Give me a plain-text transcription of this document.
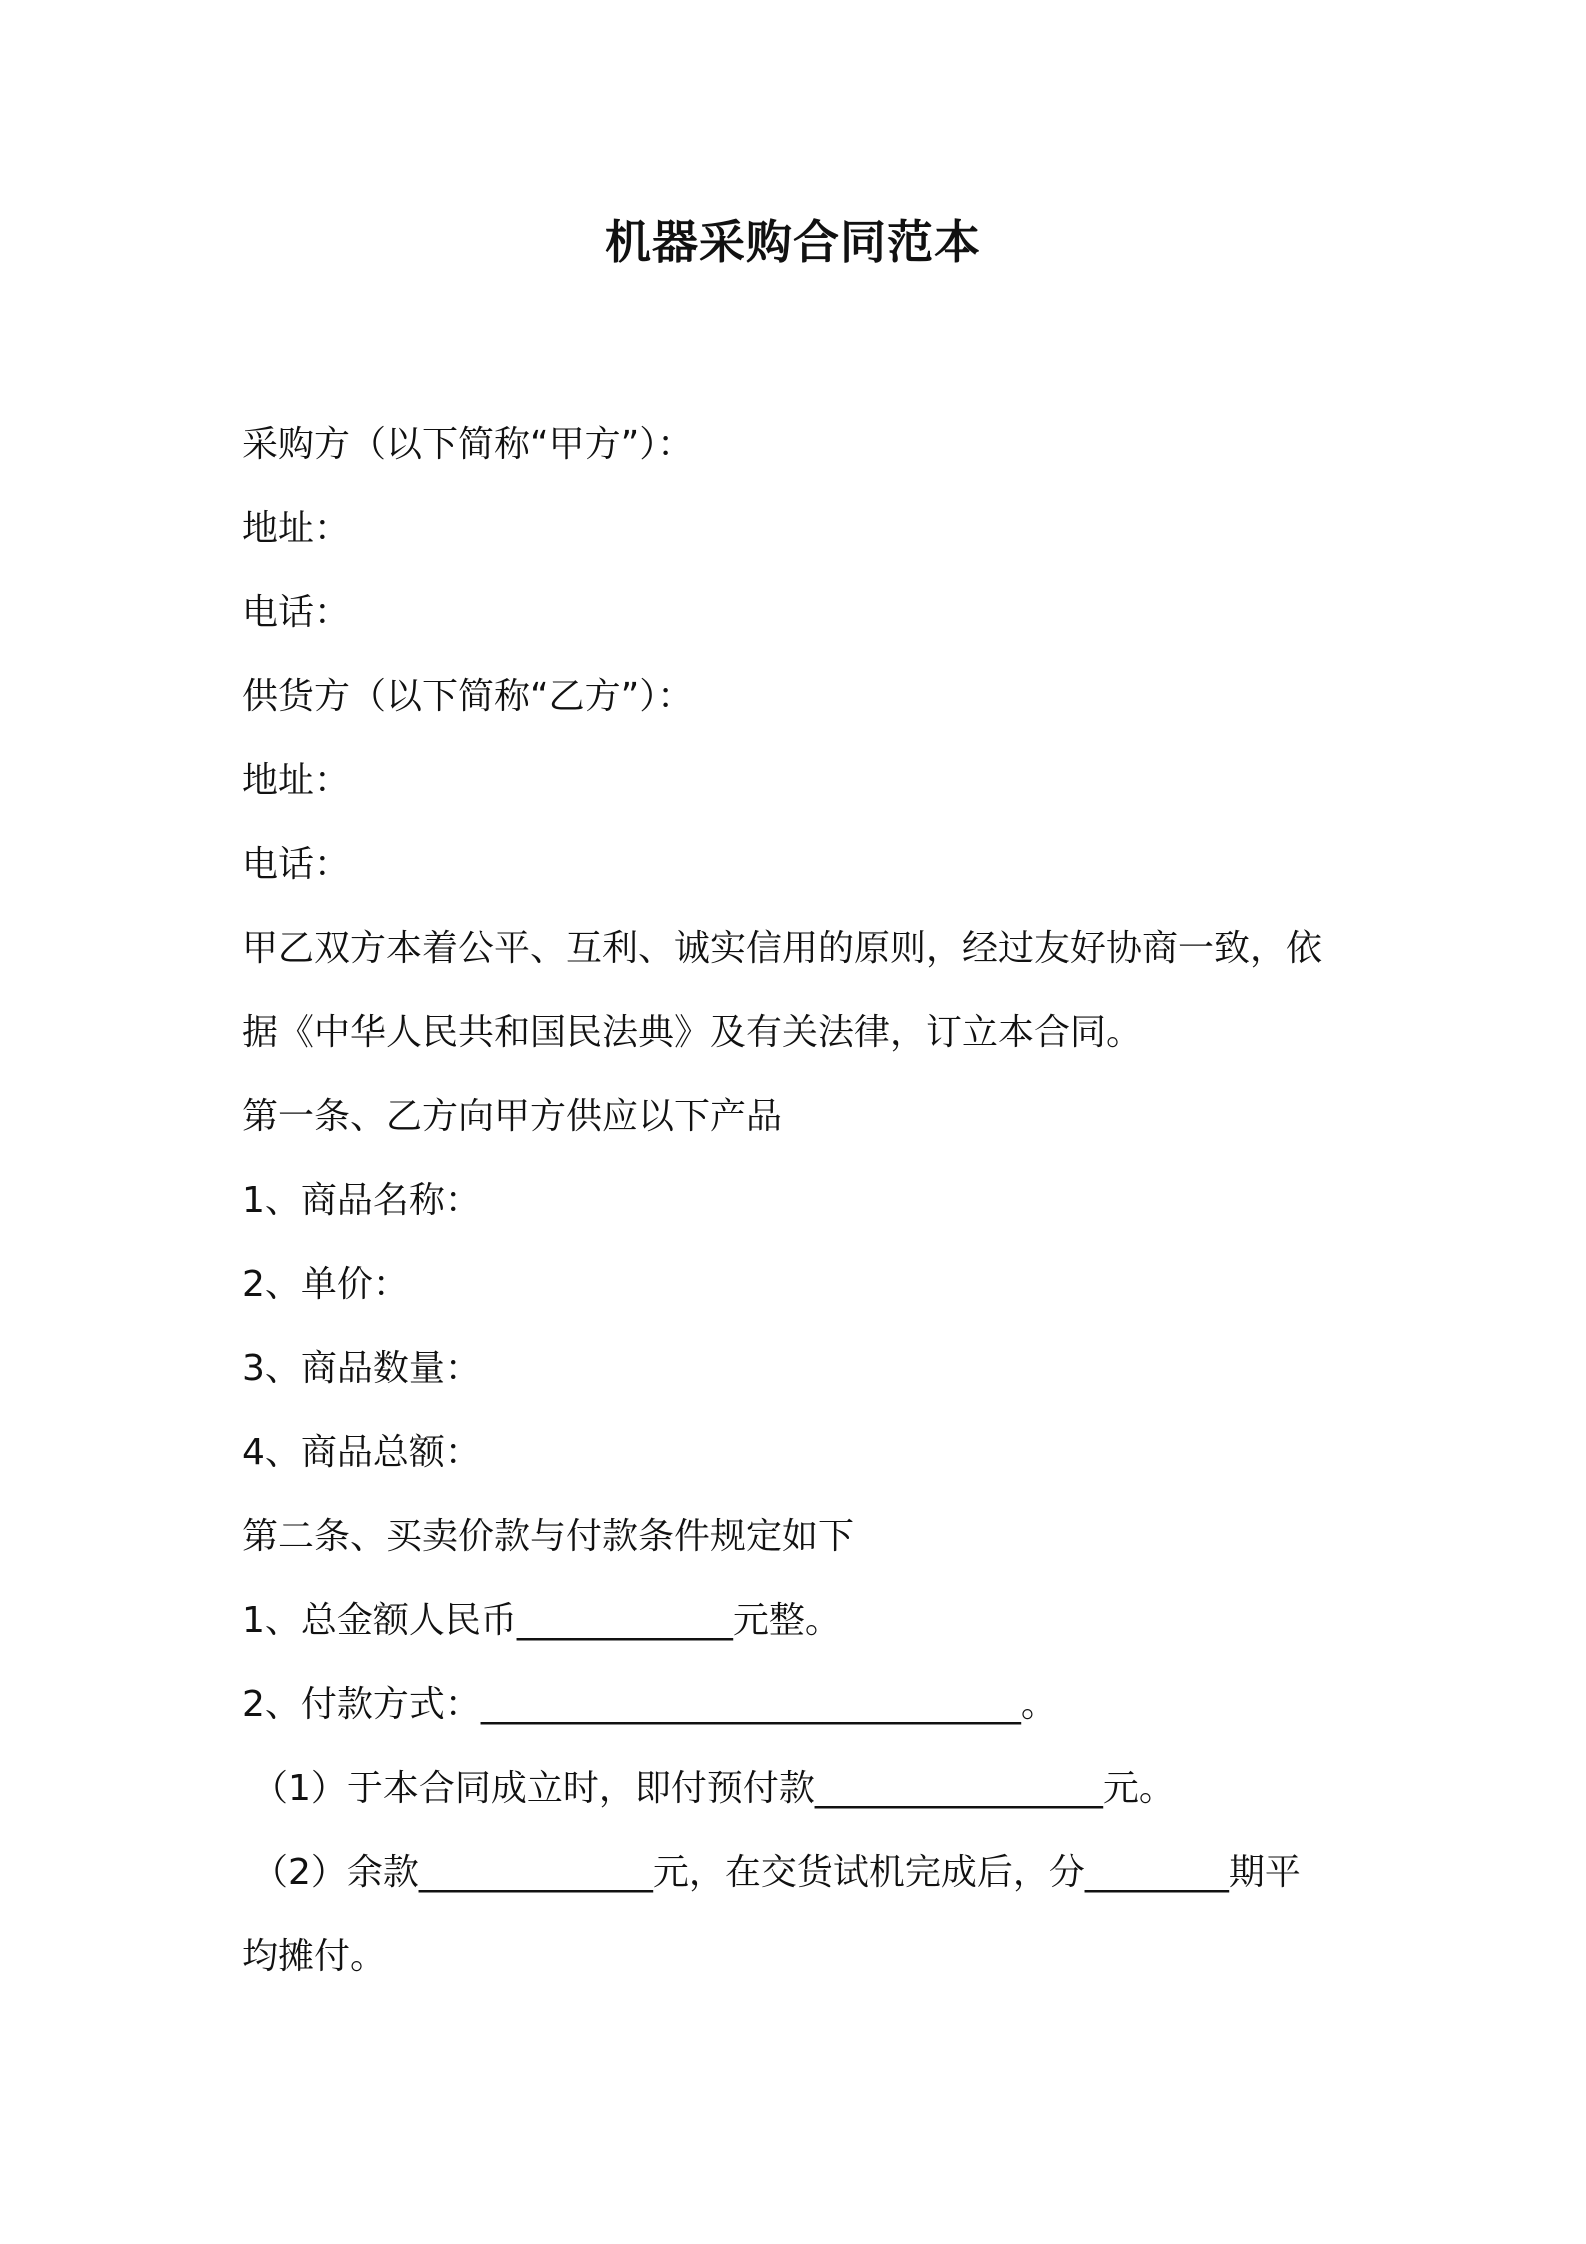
机器采购合同范本
采购方（以下简称“甲方”）：
地址：
电话：
供货方（以下简称“乙方”）：
地址：
电话：
甲乙双方本着公平、互利、诚实信用的原则，经过友好协商一致，依
据《中华人民共和国民法典》及有关法律，订立本合同。
第一条、乙方向甲方供应以下产品
1、商品名称：
2、单价：
3、商品数量：
4、商品总额：
第二条、买卖价款与付款条件规定如下
1、总金额人民币____________元整。
2、付款方式：______________________________。
（1）于本合同成立时，即付预付款________________元。
（2）余款_____________元，在交货试机完成后，分________期平
均摊付。
